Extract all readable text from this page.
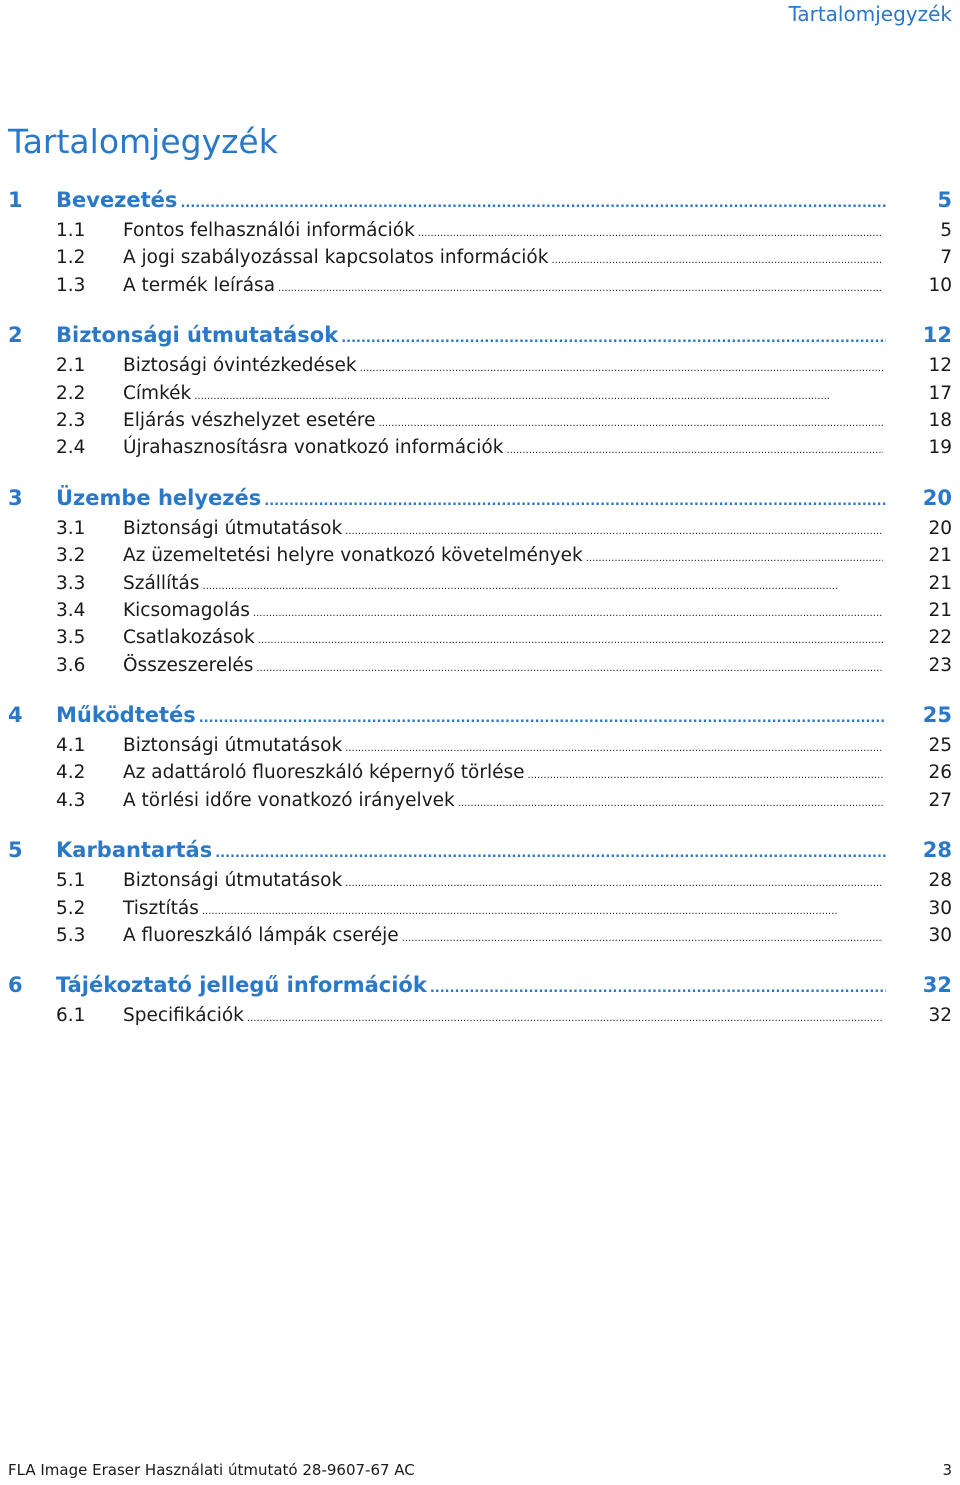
Tartalomjegyzék
Tartalomjegyzék
1 Bevezetés .....	5
1.1 Fontos felhasználói információk .....	5
1.2 A jogi szabályozással kapcsolatos információk .....	7
1.3 A termék leírása .....	10
2 Biztonsági útmutatások .....	12
2.1 Biztosági óvintézkedések .....	12
2.2 Címkék .....	17
2.3 Eljárás vészhelyzet esetére .....	18
2.4 Újrahasznosításra vonatkozó információk .....	19
3 Üzembe helyezés .....	20
3.1 Biztonsági útmutatások .....	20
3.2 Az üzemeltetési helyre vonatkozó követelmények .....	21
3.3 Szállítás .....	21
3.4 Kicsomagolás .....	21
3.5 Csatlakozások .....	22
3.6 Összeszerelés .....	23
4 Működtetés .....	25
4.1 Biztonsági útmutatások .....	25
4.2 Az adattároló fluoreszkáló képernyő törlése .....	26
4.3 A törlési időre vonatkozó irányelvek .....	27
5 Karbantartás .....	28
5.1 Biztonsági útmutatások .....	28
5.2 Tisztítás .....	30
5.3 A fluoreszkáló lámpák cseréje .....	30
6 Tájékoztató jellegű információk .....	32
6.1 Specifikációk .....	32
FLA Image Eraser Használati útmutató 28-9607-67 AC	3
